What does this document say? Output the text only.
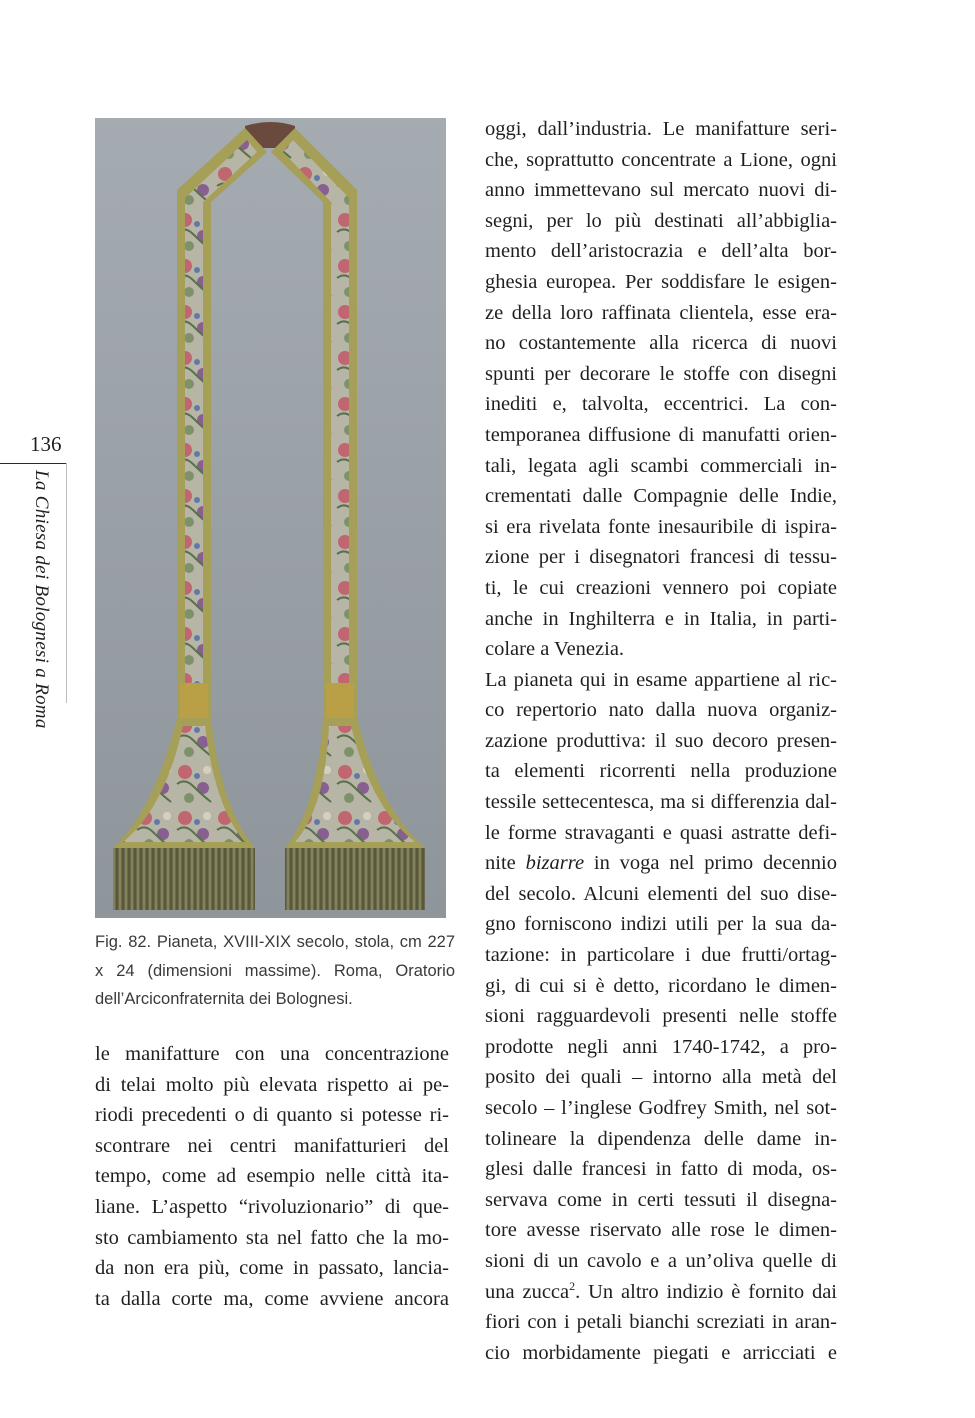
136
La Chiesa dei Bolognesi a Roma
Fig. 82. Pianeta, XVIII-XIX secolo, stola, cm 227
x 24 (dimensioni massime). Roma, Oratorio
dell’Arciconfraternita dei Bolognesi.
le manifatture con una concentrazione
di telai molto più elevata rispetto ai pe-
riodi precedenti o di quanto si potesse ri-
scontrare nei centri manifatturieri del
tempo, come ad esempio nelle città ita-
liane. L’aspetto “rivoluzionario” di que-
sto cambiamento sta nel fatto che la mo-
da non era più, come in passato, lancia-
ta dalla corte ma, come avviene ancora
oggi, dall’industria. Le manifatture seri-
che, soprattutto concentrate a Lione, ogni
anno immettevano sul mercato nuovi di-
segni, per lo più destinati all’abbiglia-
mento dell’aristocrazia e dell’alta bor-
ghesia europea. Per soddisfare le esigen-
ze della loro raffinata clientela, esse era-
no costantemente alla ricerca di nuovi
spunti per decorare le stoffe con disegni
inediti e, talvolta, eccentrici. La con-
temporanea diffusione di manufatti orien-
tali, legata agli scambi commerciali in-
crementati dalle Compagnie delle Indie,
si era rivelata fonte inesauribile di ispira-
zione per i disegnatori francesi di tessu-
ti, le cui creazioni vennero poi copiate
anche in Inghilterra e in Italia, in parti-
colare a Venezia.
La pianeta qui in esame appartiene al ric-
co repertorio nato dalla nuova organiz-
zazione produttiva: il suo decoro presen-
ta elementi ricorrenti nella produzione
tessile settecentesca, ma si differenzia dal-
le forme stravaganti e quasi astratte defi-
nite bizarre in voga nel primo decennio
del secolo. Alcuni elementi del suo dise-
gno forniscono indizi utili per la sua da-
tazione: in particolare i due frutti/ortag-
gi, di cui si è detto, ricordano le dimen-
sioni ragguardevoli presenti nelle stoffe
prodotte negli anni 1740-1742, a pro-
posito dei quali – intorno alla metà del
secolo – l’inglese Godfrey Smith, nel sot-
tolineare la dipendenza delle dame in-
glesi dalle francesi in fatto di moda, os-
servava come in certi tessuti il disegna-
tore avesse riservato alle rose le dimen-
sioni di un cavolo e a un’oliva quelle di
una zucca$^2$. Un altro indizio è fornito dai
fiori con i petali bianchi screziati in aran-
cio morbidamente piegati e arricciati e
